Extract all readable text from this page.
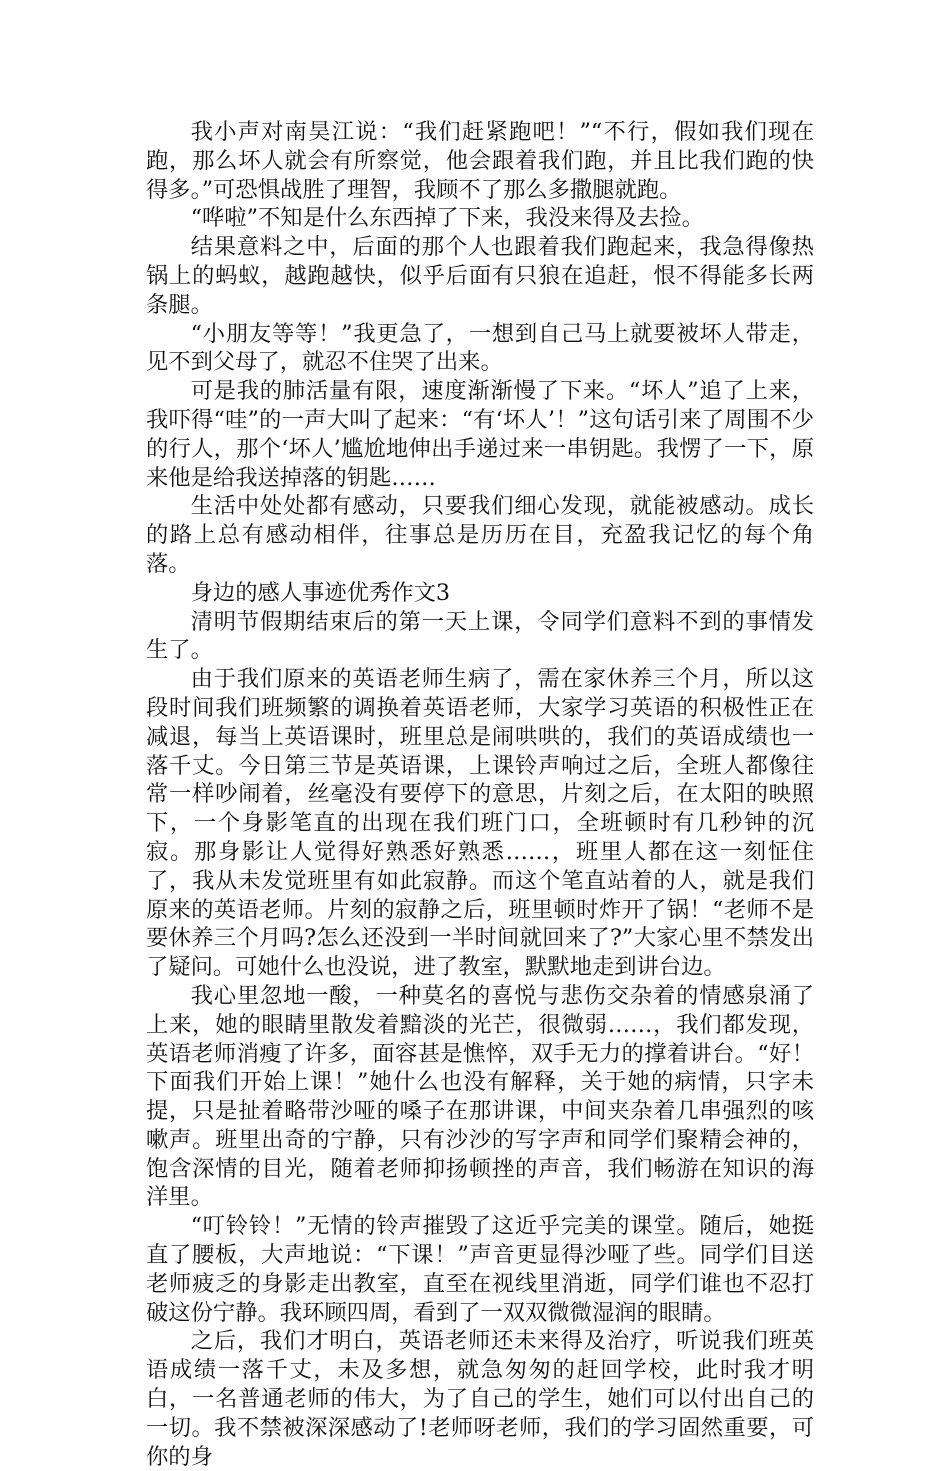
我小声对南昊江说：“我们赶紧跑吧！”“不行，假如我们现在跑，那么坏人就会有所察觉，他会跟着我们跑，并且比我们跑的快得多。”可恐惧战胜了理智，我顾不了那么多撒腿就跑。

“哗啦”不知是什么东西掉了下来，我没来得及去捡。

结果意料之中，后面的那个人也跟着我们跑起来，我急得像热锅上的蚂蚁，越跑越快，似乎后面有只狼在追赶，恨不得能多长两条腿。

“小朋友等等！”我更急了，一想到自己马上就要被坏人带走，见不到父母了，就忍不住哭了出来。

可是我的肺活量有限，速度渐渐慢了下来。“坏人”追了上来，我吓得“哇”的一声大叫了起来：“有‘坏人’！”这句话引来了周围不少的行人，那个‘坏人’尴尬地伸出手递过来一串钥匙。我愣了一下，原来他是给我送掉落的钥匙……

生活中处处都有感动，只要我们细心发现，就能被感动。成长的路上总有感动相伴，往事总是历历在目，充盈我记忆的每个角落。

身边的感人事迹优秀作文3

清明节假期结束后的第一天上课，令同学们意料不到的事情发生了。

由于我们原来的英语老师生病了，需在家休养三个月，所以这段时间我们班频繁的调换着英语老师，大家学习英语的积极性正在减退，每当上英语课时，班里总是闹哄哄的，我们的英语成绩也一落千丈。今日第三节是英语课，上课铃声响过之后，全班人都像往常一样吵闹着，丝毫没有要停下的意思，片刻之后，在太阳的映照下，一个身影笔直的出现在我们班门口，全班顿时有几秒钟的沉寂。那身影让人觉得好熟悉好熟悉……，班里人都在这一刻怔住了，我从未发觉班里有如此寂静。而这个笔直站着的人，就是我们原来的英语老师。片刻的寂静之后，班里顿时炸开了锅！“老师不是要休养三个月吗?怎么还没到一半时间就回来了?”大家心里不禁发出了疑问。可她什么也没说，进了教室，默默地走到讲台边。

我心里忽地一酸，一种莫名的喜悦与悲伤交杂着的情感泉涌了上来，她的眼睛里散发着黯淡的光芒，很微弱……，我们都发现，英语老师消瘦了许多，面容甚是憔悴，双手无力的撑着讲台。“好！下面我们开始上课！”她什么也没有解释，关于她的病情，只字未提，只是扯着略带沙哑的嗓子在那讲课，中间夹杂着几串强烈的咳嗽声。班里出奇的宁静，只有沙沙的写字声和同学们聚精会神的，饱含深情的目光，随着老师抑扬顿挫的声音，我们畅游在知识的海洋里。

“叮铃铃！”无情的铃声摧毁了这近乎完美的课堂。随后，她挺直了腰板，大声地说：“下课！”声音更显得沙哑了些。同学们目送老师疲乏的身影走出教室，直至在视线里消逝，同学们谁也不忍打破这份宁静。我环顾四周，看到了一双双微微湿润的眼睛。

之后，我们才明白，英语老师还未来得及治疗，听说我们班英语成绩一落千丈，未及多想，就急匆匆的赶回学校，此时我才明白，一名普通老师的伟大，为了自己的学生，她们可以付出自己的一切。我不禁被深深感动了!老师呀老师，我们的学习固然重要，可你的身
